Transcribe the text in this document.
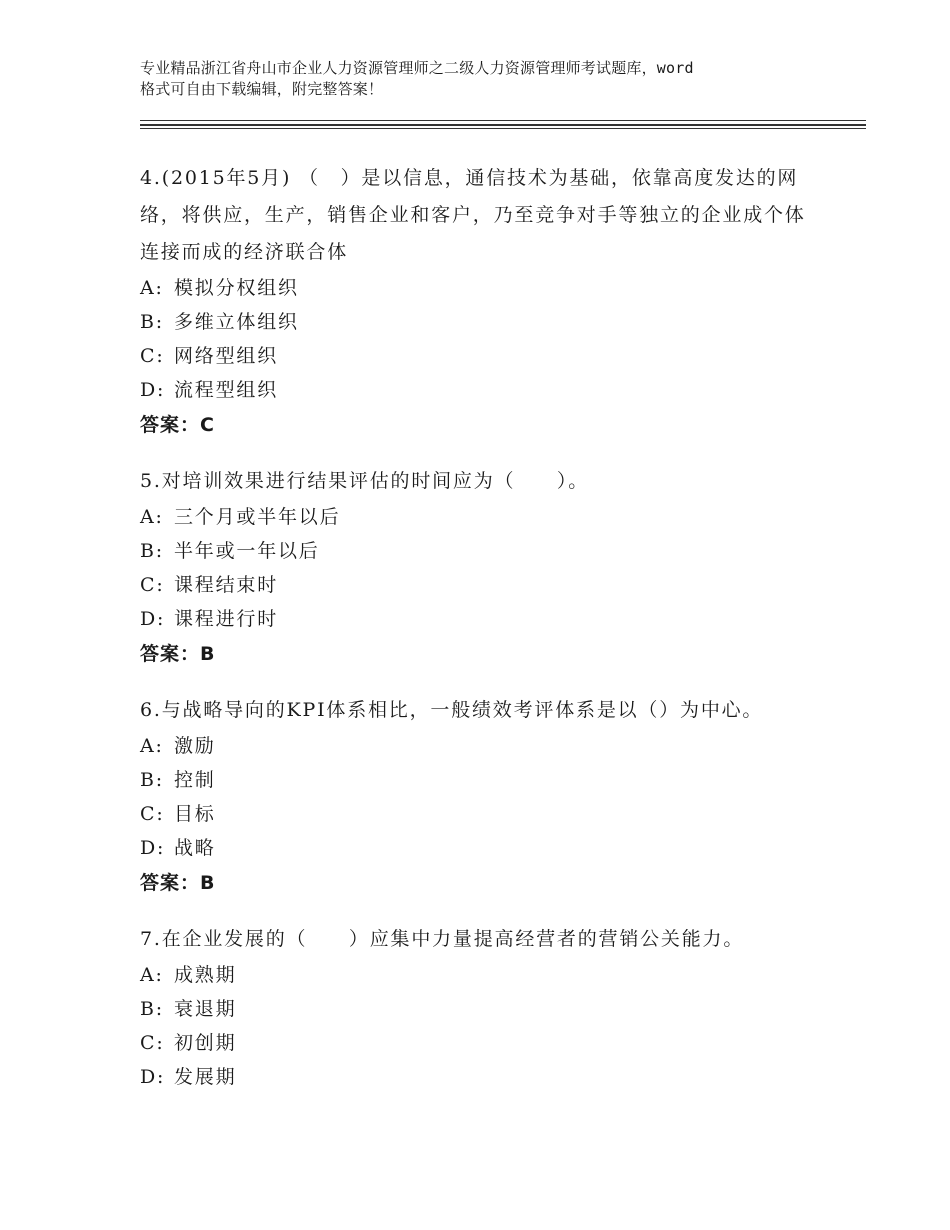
专业精品浙江省舟山市企业人力资源管理师之二级人力资源管理师考试题库，word
格式可自由下载编辑，附完整答案！

4.(2015年5月) （　）是以信息，通信技术为基础，依靠高度发达的网络，将供应，生产，销售企业和客户，乃至竞争对手等独立的企业成个体连接而成的经济联合体

A: 模拟分权组织

B: 多维立体组织

C: 网络型组织

D: 流程型组织

答案：C

5.对培训效果进行结果评估的时间应为（　　）。

A: 三个月或半年以后

B: 半年或一年以后

C: 课程结束时

D: 课程进行时

答案：B

6.与战略导向的KPI体系相比，一般绩效考评体系是以（）为中心。

A: 激励

B: 控制

C: 目标

D: 战略

答案：B

7.在企业发展的（　　）应集中力量提高经营者的营销公关能力。

A: 成熟期

B: 衰退期

C: 初创期

D: 发展期
